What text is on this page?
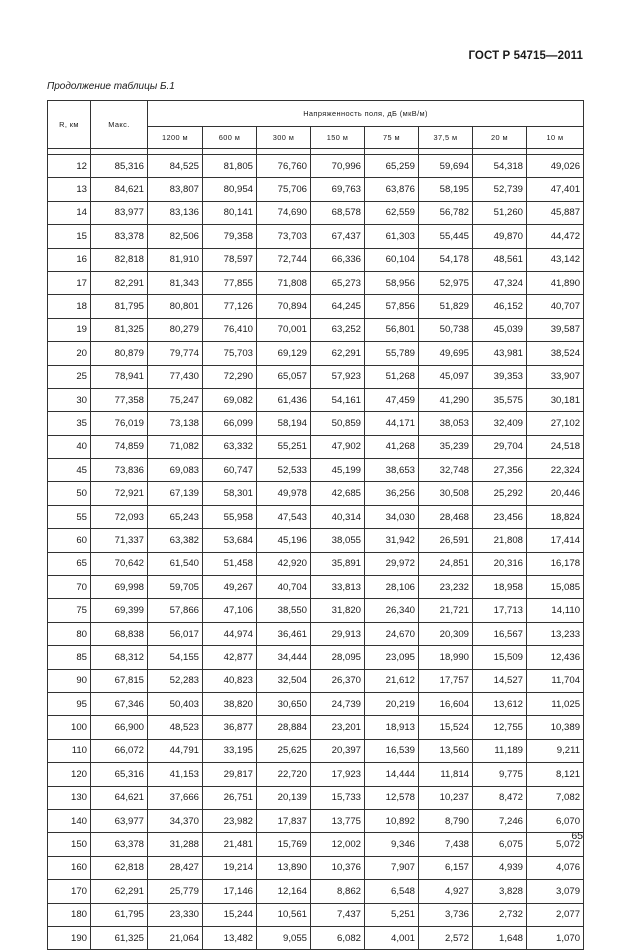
ГОСТ Р 54715—2011
Продолжение таблицы Б.1
R, км	Макс.	Напряженность поля, дБ (мкВ/м)							
		1200 м	600 м	300 м	150 м	75 м	37,5 м	20 м	10 м

12	85,316	84,525	81,805	76,760	70,996	65,259	59,694	54,318	49,026
13	84,621	83,807	80,954	75,706	69,763	63,876	58,195	52,739	47,401
14	83,977	83,136	80,141	74,690	68,578	62,559	56,782	51,260	45,887
15	83,378	82,506	79,358	73,703	67,437	61,303	55,445	49,870	44,472
16	82,818	81,910	78,597	72,744	66,336	60,104	54,178	48,561	43,142
17	82,291	81,343	77,855	71,808	65,273	58,956	52,975	47,324	41,890
18	81,795	80,801	77,126	70,894	64,245	57,856	51,829	46,152	40,707
19	81,325	80,279	76,410	70,001	63,252	56,801	50,738	45,039	39,587
20	80,879	79,774	75,703	69,129	62,291	55,789	49,695	43,981	38,524
25	78,941	77,430	72,290	65,057	57,923	51,268	45,097	39,353	33,907
30	77,358	75,247	69,082	61,436	54,161	47,459	41,290	35,575	30,181
35	76,019	73,138	66,099	58,194	50,859	44,171	38,053	32,409	27,102
40	74,859	71,082	63,332	55,251	47,902	41,268	35,239	29,704	24,518
45	73,836	69,083	60,747	52,533	45,199	38,653	32,748	27,356	22,324
50	72,921	67,139	58,301	49,978	42,685	36,256	30,508	25,292	20,446
55	72,093	65,243	55,958	47,543	40,314	34,030	28,468	23,456	18,824
60	71,337	63,382	53,684	45,196	38,055	31,942	26,591	21,808	17,414
65	70,642	61,540	51,458	42,920	35,891	29,972	24,851	20,316	16,178
70	69,998	59,705	49,267	40,704	33,813	28,106	23,232	18,958	15,085
75	69,399	57,866	47,106	38,550	31,820	26,340	21,721	17,713	14,110
80	68,838	56,017	44,974	36,461	29,913	24,670	20,309	16,567	13,233
85	68,312	54,155	42,877	34,444	28,095	23,095	18,990	15,509	12,436
90	67,815	52,283	40,823	32,504	26,370	21,612	17,757	14,527	11,704
95	67,346	50,403	38,820	30,650	24,739	20,219	16,604	13,612	11,025
100	66,900	48,523	36,877	28,884	23,201	18,913	15,524	12,755	10,389
110	66,072	44,791	33,195	25,625	20,397	16,539	13,560	11,189	9,211
120	65,316	41,153	29,817	22,720	17,923	14,444	11,814	9,775	8,121
130	64,621	37,666	26,751	20,139	15,733	12,578	10,237	8,472	7,082
140	63,977	34,370	23,982	17,837	13,775	10,892	8,790	7,246	6,070
150	63,378	31,288	21,481	15,769	12,002	9,346	7,438	6,075	5,072
160	62,818	28,427	19,214	13,890	10,376	7,907	6,157	4,939	4,076
170	62,291	25,779	17,146	12,164	8,862	6,548	4,927	3,828	3,079
180	61,795	23,330	15,244	10,561	7,437	5,251	3,736	2,732	2,077
190	61,325	21,064	13,482	9,055	6,082	4,001	2,572	1,648	1,070
65
